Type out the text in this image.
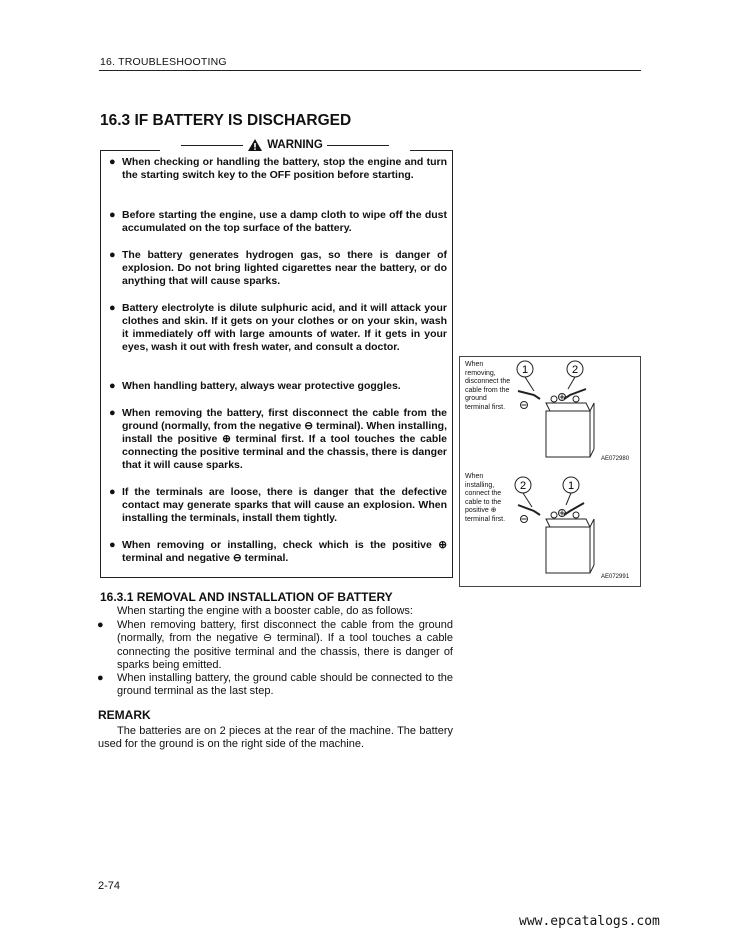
16. TROUBLESHOOTING
16.3 IF BATTERY IS DISCHARGED
WARNING
● When checking or handling the battery, stop the engine and turn the starting switch key to the OFF position before starting.
● Before starting the engine, use a damp cloth to wipe off the dust accumulated on the top surface of the battery.
● The battery generates hydrogen gas, so there is danger of explosion. Do not bring lighted cigarettes near the battery, or do anything that will cause sparks.
● Battery electrolyte is dilute sulphuric acid, and it will attack your clothes and skin. If it gets on your clothes or on your skin, wash it immediately off with large amounts of water. If it gets in your eyes, wash it out with fresh water, and consult a doctor.
● When handling battery, always wear protective goggles.
● When removing the battery, first disconnect the cable from the ground (normally, from the negative ⊖ terminal). When installing, install the positive ⊕ terminal first. If a tool touches the cable connecting the positive terminal and the chassis, there is danger that it will cause sparks.
● If the terminals are loose, there is danger that the defective contact may generate sparks that will cause an explosion. When installing the terminals, install them tightly.
● When removing or installing, check which is the positive ⊕ terminal and negative ⊖ terminal.
When removing, disconnect the cable from the ground terminal first.
1	2
AE072980
When installing, connect the cable to the positive ⊕ terminal first.
2	1
AE072991
16.3.1 REMOVAL AND INSTALLATION OF BATTERY
When starting the engine with a booster cable, do as follows:
● When removing battery, first disconnect the cable from the ground (normally, from the negative ⊖ terminal). If a tool touches a cable connecting the positive terminal and the chassis, there is danger of sparks being emitted.
● When installing battery, the ground cable should be connected to the ground terminal as the last step.
REMARK
The batteries are on 2 pieces at the rear of the machine. The battery used for the ground is on the right side of the machine.
2-74
www.epcatalogs.com
